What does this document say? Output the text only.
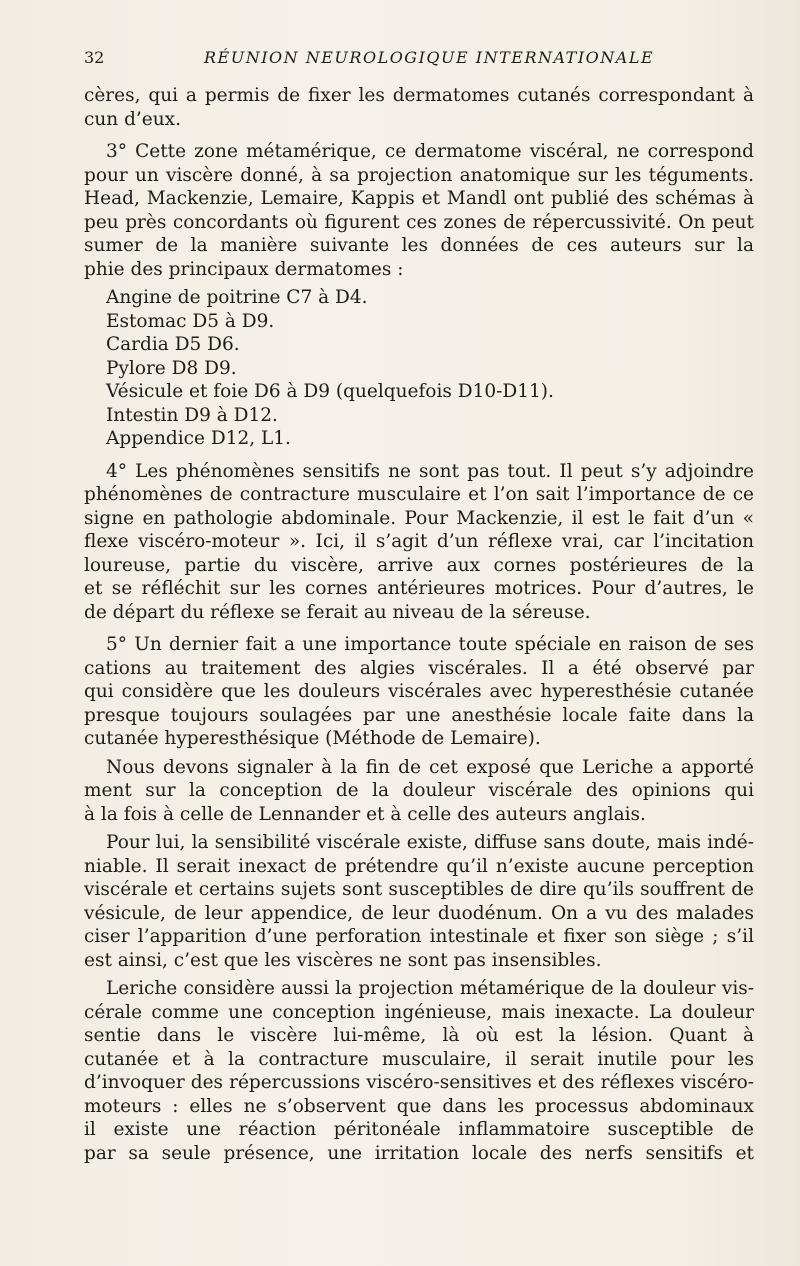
32	RÉUNION NEUROLOGIQUE INTERNATIONALE
cères, qui a permis de fixer les dermatomes cutanés correspondant à
cun d’eux.
3° Cette zone métamérique, ce dermatome viscéral, ne correspond
pour un viscère donné, à sa projection anatomique sur les téguments.
Head, Mackenzie, Lemaire, Kappis et Mandl ont publié des schémas à
peu près concordants où figurent ces zones de répercussivité. On peut
sumer de la manière suivante les données de ces auteurs sur la
phie des principaux dermatomes :
Angine de poitrine C7 à D4.
Estomac D5 à D9.
Cardia D5 D6.
Pylore D8 D9.
Vésicule et foie D6 à D9 (quelquefois D10-D11).
Intestin D9 à D12.
Appendice D12, L1.
4° Les phénomènes sensitifs ne sont pas tout. Il peut s’y adjoindre
phénomènes de contracture musculaire et l’on sait l’importance de ce
signe en pathologie abdominale. Pour Mackenzie, il est le fait d’un «
flexe viscéro-moteur ». Ici, il s’agit d’un réflexe vrai, car l’incitation
loureuse, partie du viscère, arrive aux cornes postérieures de la
et se réfléchit sur les cornes antérieures motrices. Pour d’autres, le
de départ du réflexe se ferait au niveau de la séreuse.
5° Un dernier fait a une importance toute spéciale en raison de ses
cations au traitement des algies viscérales. Il a été observé par
qui considère que les douleurs viscérales avec hyperesthésie cutanée
presque toujours soulagées par une anesthésie locale faite dans la
cutanée hyperesthésique (Méthode de Lemaire).
Nous devons signaler à la fin de cet exposé que Leriche a apporté
ment sur la conception de la douleur viscérale des opinions qui
à la fois à celle de Lennander et à celle des auteurs anglais.
Pour lui, la sensibilité viscérale existe, diffuse sans doute, mais indé-
niable. Il serait inexact de prétendre qu’il n’existe aucune perception
viscérale et certains sujets sont susceptibles de dire qu’ils souffrent de
vésicule, de leur appendice, de leur duodénum. On a vu des malades
ciser l’apparition d’une perforation intestinale et fixer son siège ; s’il
est ainsi, c’est que les viscères ne sont pas insensibles.
Leriche considère aussi la projection métamérique de la douleur vis-
cérale comme une conception ingénieuse, mais inexacte. La douleur
sentie dans le viscère lui-même, là où est la lésion. Quant à
cutanée et à la contracture musculaire, il serait inutile pour les
d’invoquer des répercussions viscéro-sensitives et des réflexes viscéro-
moteurs : elles ne s’observent que dans les processus abdominaux
il existe une réaction péritonéale inflammatoire susceptible de
par sa seule présence, une irritation locale des nerfs sensitifs et
